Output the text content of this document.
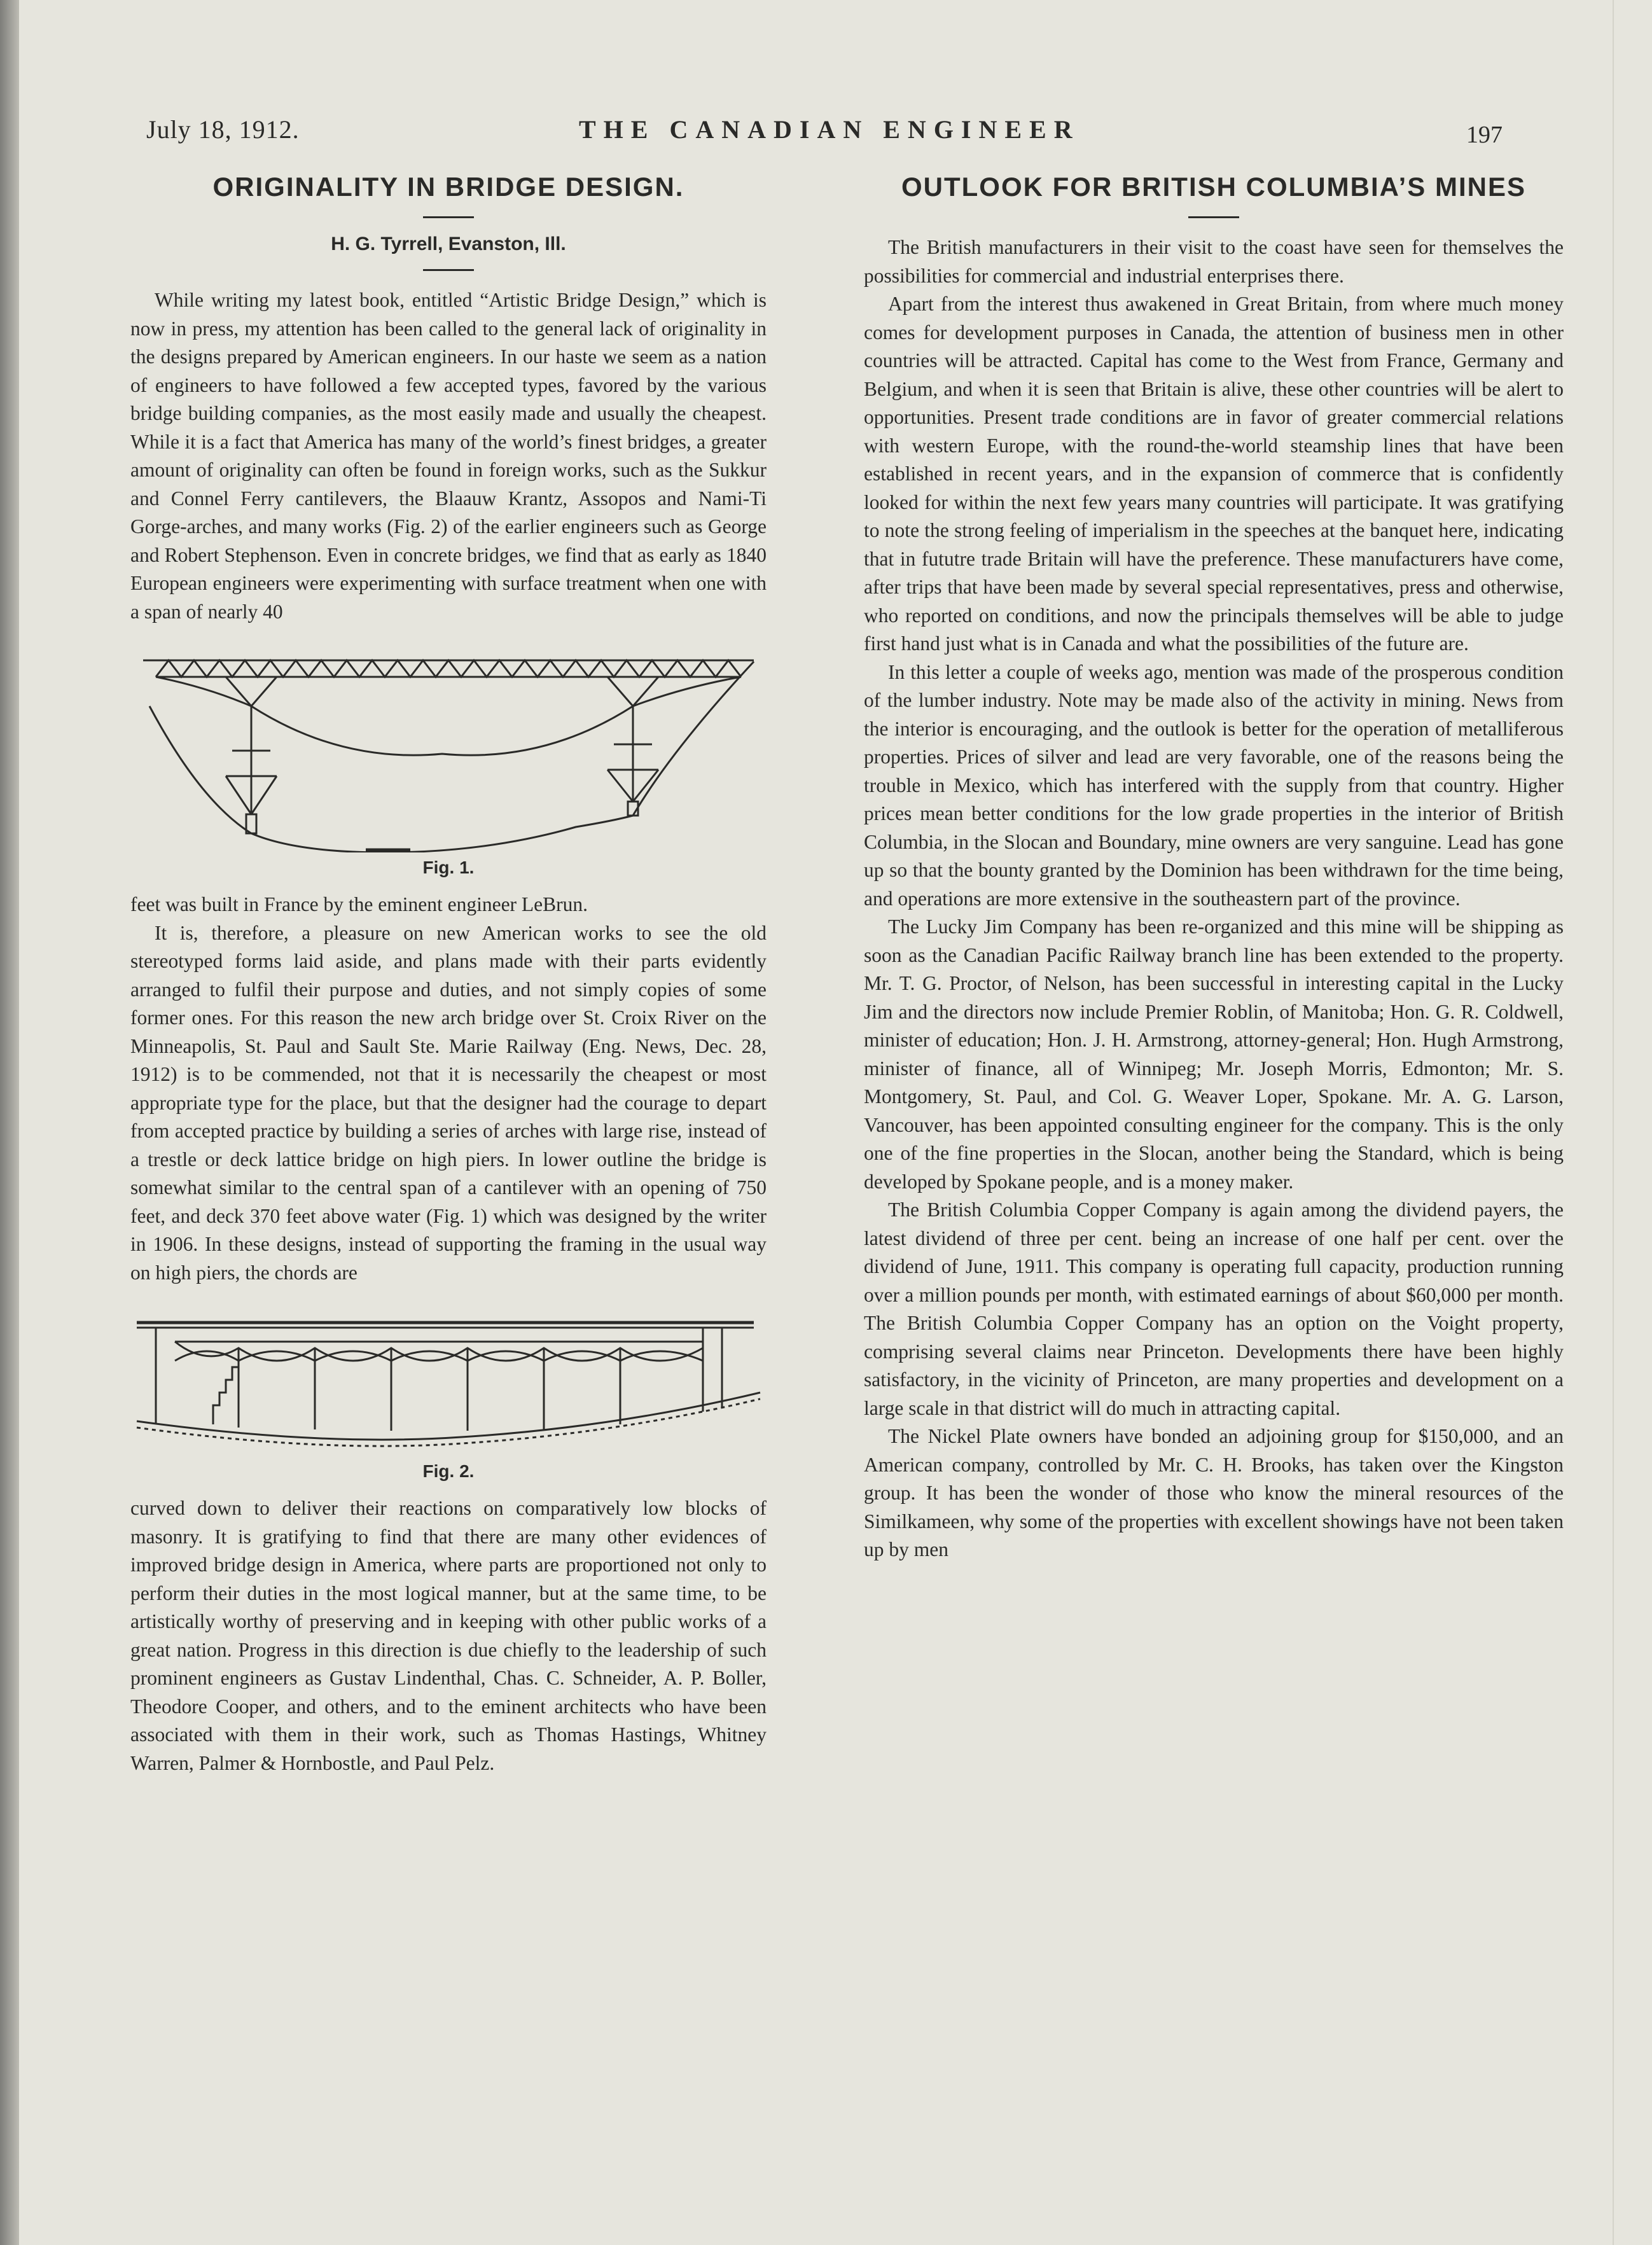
July 18, 1912.	THE CANADIAN ENGINEER	197
ORIGINALITY IN BRIDGE DESIGN.
H. G. Tyrrell, Evanston, Ill.

While writing my latest book, entitled “Artistic Bridge Design,” which is now in press, my attention has been called to the general lack of originality in the designs prepared by American engineers. In our haste we seem as a nation of engineers to have followed a few accepted types, favored by the various bridge building companies, as the most easily made and usually the cheapest. While it is a fact that America has many of the world’s finest bridges, a greater amount of originality can often be found in foreign works, such as the Sukkur and Connel Ferry cantilevers, the Blaauw Krantz, Assopos and Nami-Ti Gorge-arches, and many works (Fig. 2) of the earlier engineers such as George and Robert Stephenson. Even in concrete bridges, we find that as early as 1840 European engineers were experimenting with surface treatment when one with a span of nearly 40

Fig. 1.

feet was built in France by the eminent engineer LeBrun.

It is, therefore, a pleasure on new American works to see the old stereotyped forms laid aside, and plans made with their parts evidently arranged to fulfil their purpose and duties, and not simply copies of some former ones. For this reason the new arch bridge over St. Croix River on the Minneapolis, St. Paul and Sault Ste. Marie Railway (Eng. News, Dec. 28, 1912) is to be commended, not that it is necessarily the cheapest or most appropriate type for the place, but that the designer had the courage to depart from accepted practice by building a series of arches with large rise, instead of a trestle or deck lattice bridge on high piers. In lower outline the bridge is somewhat similar to the central span of a cantilever with an opening of 750 feet, and deck 370 feet above water (Fig. 1) which was designed by the writer in 1906. In these designs, instead of supporting the framing in the usual way on high piers, the chords are

Fig. 2.

curved down to deliver their reactions on comparatively low blocks of masonry. It is gratifying to find that there are many other evidences of improved bridge design in America, where parts are proportioned not only to perform their duties in the most logical manner, but at the same time, to be artistically worthy of preserving and in keeping with other public works of a great nation. Progress in this direction is due chiefly to the leadership of such prominent engineers as Gustav Lindenthal, Chas. C. Schneider, A. P. Boller, Theodore Cooper, and others, and to the eminent architects who have been associated with them in their work, such as Thomas Hastings, Whitney Warren, Palmer & Hornbostle, and Paul Pelz.

OUTLOOK FOR BRITISH COLUMBIA’S MINES

The British manufacturers in their visit to the coast have seen for themselves the possibilities for commercial and industrial enterprises there.

Apart from the interest thus awakened in Great Britain, from where much money comes for development purposes in Canada, the attention of business men in other countries will be attracted. Capital has come to the West from France, Germany and Belgium, and when it is seen that Britain is alive, these other countries will be alert to opportunities. Present trade conditions are in favor of greater commercial relations with western Europe, with the round-the-world steamship lines that have been established in recent years, and in the expansion of commerce that is confidently looked for within the next few years many countries will participate. It was gratifying to note the strong feeling of imperialism in the speeches at the banquet here, indicating that in fututre trade Britain will have the preference. These manufacturers have come, after trips that have been made by several special representatives, press and otherwise, who reported on conditions, and now the principals themselves will be able to judge first hand just what is in Canada and what the possibilities of the future are.

In this letter a couple of weeks ago, mention was made of the prosperous condition of the lumber industry. Note may be made also of the activity in mining. News from the interior is encouraging, and the outlook is better for the operation of metalliferous properties. Prices of silver and lead are very favorable, one of the reasons being the trouble in Mexico, which has interfered with the supply from that country. Higher prices mean better conditions for the low grade properties in the interior of British Columbia, in the Slocan and Boundary, mine owners are very sanguine. Lead has gone up so that the bounty granted by the Dominion has been withdrawn for the time being, and operations are more extensive in the southeastern part of the province.

The Lucky Jim Company has been re-organized and this mine will be shipping as soon as the Canadian Pacific Railway branch line has been extended to the property. Mr. T. G. Proctor, of Nelson, has been successful in interesting capital in the Lucky Jim and the directors now include Premier Roblin, of Manitoba; Hon. G. R. Coldwell, minister of education; Hon. J. H. Armstrong, attorney-general; Hon. Hugh Armstrong, minister of finance, all of Winnipeg; Mr. Joseph Morris, Edmonton; Mr. S. Montgomery, St. Paul, and Col. G. Weaver Loper, Spokane. Mr. A. G. Larson, Vancouver, has been appointed consulting engineer for the company. This is the only one of the fine properties in the Slocan, another being the Standard, which is being developed by Spokane people, and is a money maker.

The British Columbia Copper Company is again among the dividend payers, the latest dividend of three per cent. being an increase of one half per cent. over the dividend of June, 1911. This company is operating full capacity, production running over a million pounds per month, with estimated earnings of about $60,000 per month. The British Columbia Copper Company has an option on the Voight property, comprising several claims near Princeton. Developments there have been highly satisfactory, in the vicinity of Princeton, are many properties and development on a large scale in that district will do much in attracting capital.

The Nickel Plate owners have bonded an adjoining group for $150,000, and an American company, controlled by Mr. C. H. Brooks, has taken over the Kingston group. It has been the wonder of those who know the mineral resources of the Similkameen, why some of the properties with excellent showings have not been taken up by men
